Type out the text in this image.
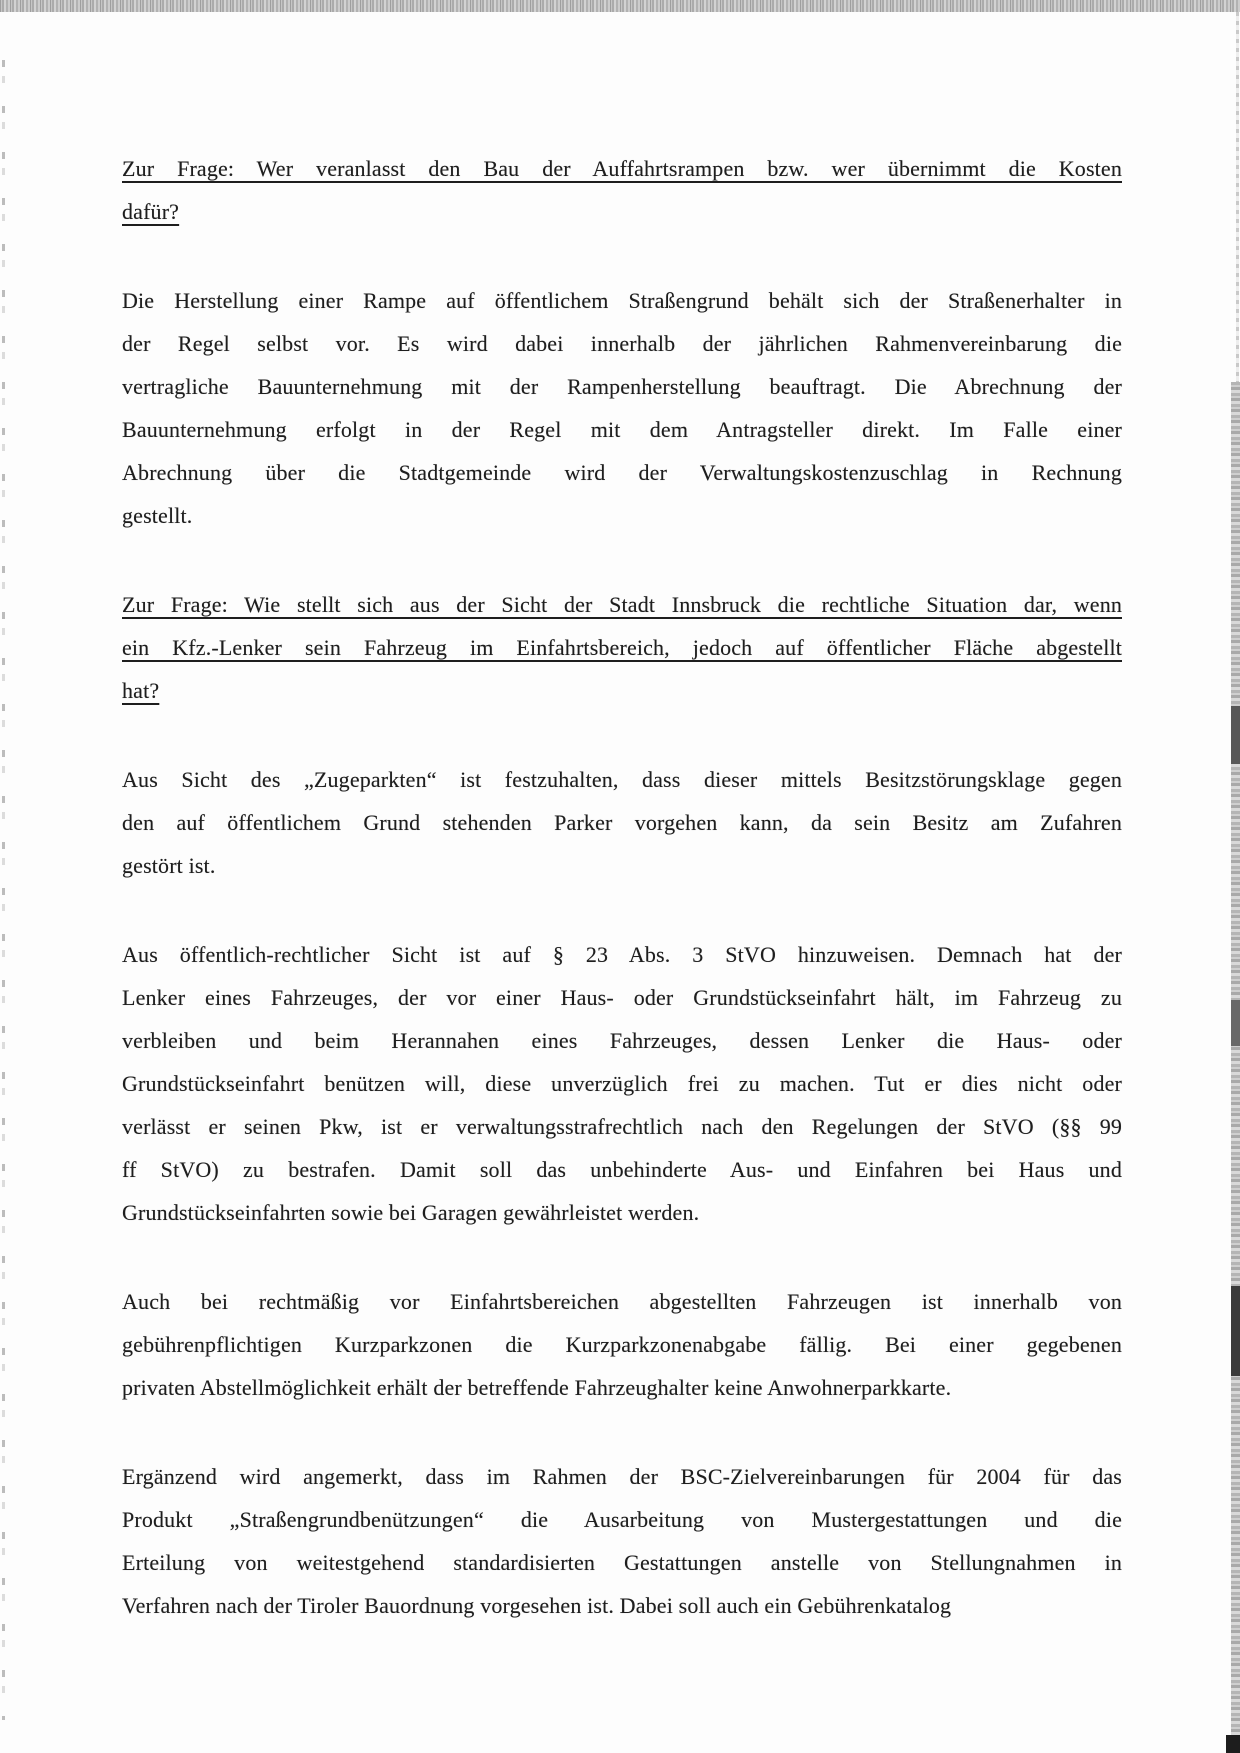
Zur Frage: Wer veranlasst den Bau der Auffahrtsrampen bzw. wer übernimmt die Kosten
dafür?
Die Herstellung einer Rampe auf öffentlichem Straßengrund behält sich der Straßenerhalter in
der Regel selbst vor. Es wird dabei innerhalb der jährlichen Rahmenvereinbarung die
vertragliche Bauunternehmung mit der Rampenherstellung beauftragt. Die Abrechnung der
Bauunternehmung erfolgt in der Regel mit dem Antragsteller direkt. Im Falle einer
Abrechnung über die Stadtgemeinde wird der Verwaltungskostenzuschlag in Rechnung
gestellt.
Zur Frage: Wie stellt sich aus der Sicht der Stadt Innsbruck die rechtliche Situation dar, wenn
ein Kfz.-Lenker sein Fahrzeug im Einfahrtsbereich, jedoch auf öffentlicher Fläche abgestellt
hat?
Aus Sicht des „Zugeparkten“ ist festzuhalten, dass dieser mittels Besitzstörungsklage gegen
den auf öffentlichem Grund stehenden Parker vorgehen kann, da sein Besitz am Zufahren
gestört ist.
Aus öffentlich-rechtlicher Sicht ist auf § 23 Abs. 3 StVO hinzuweisen. Demnach hat der
Lenker eines Fahrzeuges, der vor einer Haus- oder Grundstückseinfahrt hält, im Fahrzeug zu
verbleiben und beim Herannahen eines Fahrzeuges, dessen Lenker die Haus- oder
Grundstückseinfahrt benützen will, diese unverzüglich frei zu machen. Tut er dies nicht oder
verlässt er seinen Pkw, ist er verwaltungsstrafrechtlich nach den Regelungen der StVO (§§ 99
ff StVO) zu bestrafen. Damit soll das unbehinderte Aus- und Einfahren bei Haus und
Grundstückseinfahrten sowie bei Garagen gewährleistet werden.
Auch bei rechtmäßig vor Einfahrtsbereichen abgestellten Fahrzeugen ist innerhalb von
gebührenpflichtigen Kurzparkzonen die Kurzparkzonenabgabe fällig. Bei einer gegebenen
privaten Abstellmöglichkeit erhält der betreffende Fahrzeughalter keine Anwohnerparkkarte.
Ergänzend wird angemerkt, dass im Rahmen der BSC-Zielvereinbarungen für 2004 für das
Produkt „Straßengrundbenützungen“ die Ausarbeitung von Mustergestattungen und die
Erteilung von weitestgehend standardisierten Gestattungen anstelle von Stellungnahmen in
Verfahren nach der Tiroler Bauordnung vorgesehen ist. Dabei soll auch ein Gebührenkatalog
